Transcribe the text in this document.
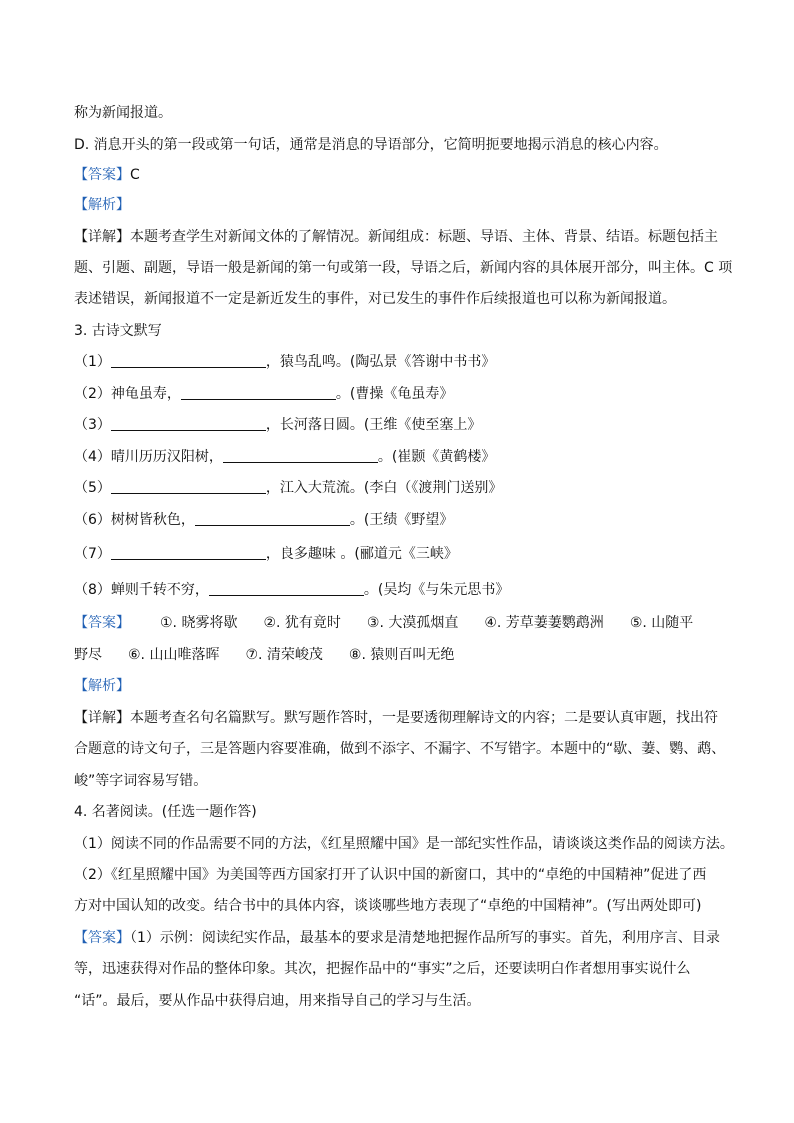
称为新闻报道。
D. 消息开头的第一段或第一句话，通常是消息的导语部分，它简明扼要地揭示消息的核心内容。
【答案】C
【解析】
【详解】本题考查学生对新闻文体的了解情况。新闻组成：标题、导语、主体、背景、结语。标题包括主
题、引题、副题，导语一般是新闻的第一句或第一段，导语之后，新闻内容的具体展开部分，叫主体。C 项
表述错误，新闻报道不一定是新近发生的事件，对已发生的事件作后续报道也可以称为新闻报道。
3. 古诗文默写
（1）	，猿鸟乱鸣。(陶弘景《答谢中书书》
（2）神龟虽寿，	。(曹操《龟虽寿》
（3）	，长河落日圆。(王维《使至塞上》
（4）晴川历历汉阳树，	。(崔颢《黄鹤楼》
（5）	，江入大荒流。(李白（《渡荆门送别》
（6）树树皆秋色，	。(王绩《野望》
（7）	，良多趣味 。(郦道元《三峡》
（8）蝉则千转不穷，	。(吴均《与朱元思书》
【答案】 ①. 晓雾将歇 ②. 犹有竟时 ③. 大漠孤烟直 ④. 芳草萋萋鹦鹉洲 ⑤. 山随平
野尽 ⑥. 山山唯落晖 ⑦. 清荣峻茂 ⑧. 猿则百叫无绝
【解析】
【详解】本题考查名句名篇默写。默写题作答时，一是要透彻理解诗文的内容；二是要认真审题，找出符
合题意的诗文句子，三是答题内容要准确，做到不添字、不漏字、不写错字。本题中的“歇、萋、鹦、鹉、
峻”等字词容易写错。
4. 名著阅读。(任选一题作答)
（1）阅读不同的作品需要不同的方法，《红星照耀中国》是一部纪实性作品，请谈谈这类作品的阅读方法。
（2）《红星照耀中国》为美国等西方国家打开了认识中国的新窗口，其中的“卓绝的中国精神”促进了西
方对中国认知的改变。结合书中的具体内容，谈谈哪些地方表现了“卓绝的中国精神”。(写出两处即可)
【答案】（1）示例：阅读纪实作品，最基本的要求是清楚地把握作品所写的事实。首先，利用序言、目录
等，迅速获得对作品的整体印象。其次，把握作品中的“事实”之后，还要读明白作者想用事实说什么
“话”。最后，要从作品中获得启迪，用来指导自己的学习与生活。
